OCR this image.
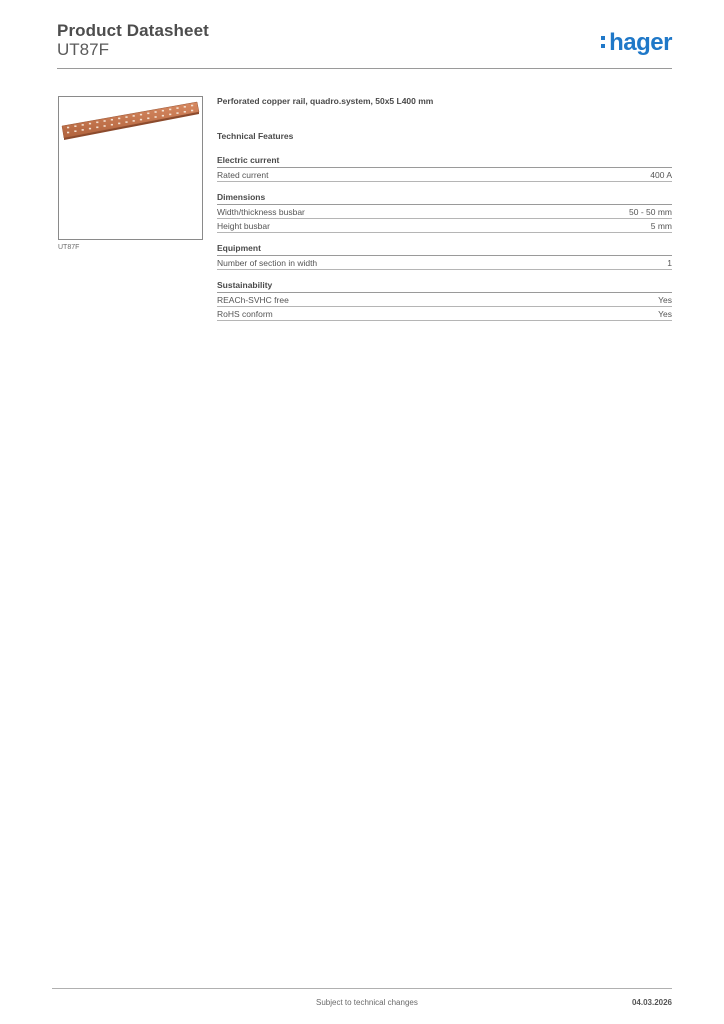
Product Datasheet
UT87F	hager
UT87F
Perforated copper rail, quadro.system, 50x5 L400 mm
Technical Features
Electric current
Rated current	400 A
Dimensions
Width/thickness busbar	50 - 50 mm
Height busbar	5 mm
Equipment
Number of section in width	1
Sustainability
REACh-SVHC free	Yes
RoHS conform	Yes
Subject to technical changes	04.03.2026
